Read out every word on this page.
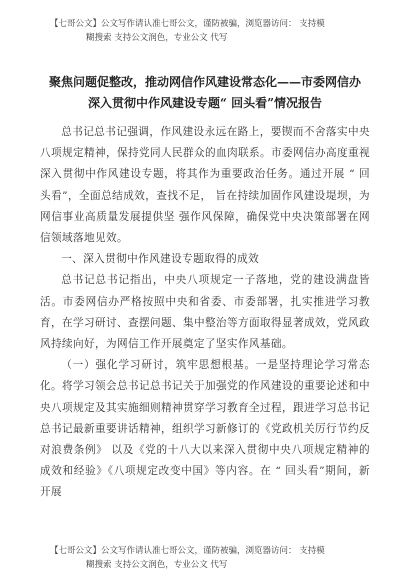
【七哥公文】公文写作请认准七哥公文，谨防被骗，浏览器访问： 支持模
糊搜索 支持公文润色，专业公文 代写
聚焦问题促整改，推动网信作风建设常态化——市委网信办
深入贯彻中作风建设专题“ 回头看”情况报告

总书记总书记强调，作风建设永远在路上，要锲而不舍落实中央八项规定精神，保持党同人民群众的血肉联系。市委网信办高度重视深入贯彻中作风建设专题，将其作为重要政治任务。通过开展 “ 回头看”，全面总结成效，查找不足， 旨在持续加固作风建设堤坝，为网信事业高质量发展提供坚 强作风保障，确保党中央决策部署在网信领域落地见效。

一、深入贯彻中作风建设专题取得的成效

总书记总书记指出，中央八项规定一子落地，党的建设满盘皆活。市委网信办严格按照中央和省委、市委部署，扎实推进学习教育，在学习研讨、查摆问题、集中整治等方面取得显著成效，党风政风持续向好，为网信工作开展奠定了坚实作风基础。

（一）强化学习研讨，筑牢思想根基。一是坚持理论学习常态化。将学习领会总书记总书记关于加强党的作风建设的重要论述和中央八项规定及其实施细则精神贯穿学习教育全过程，跟进学习总书记总书记最新重要讲话精神，组织学习新修订的《党政机关厉行节约反对浪费条例》 以及《党的十八大以来深入贯彻中央八项规定精神的成效和经验》《八项规定改变中国》等内容。在 “ 回头看”期间，新开展

【七哥公文】公文写作请认准七哥公文，谨防被骗，浏览器访问： 支持模
糊搜索 支持公文润色，专业公文 代写
